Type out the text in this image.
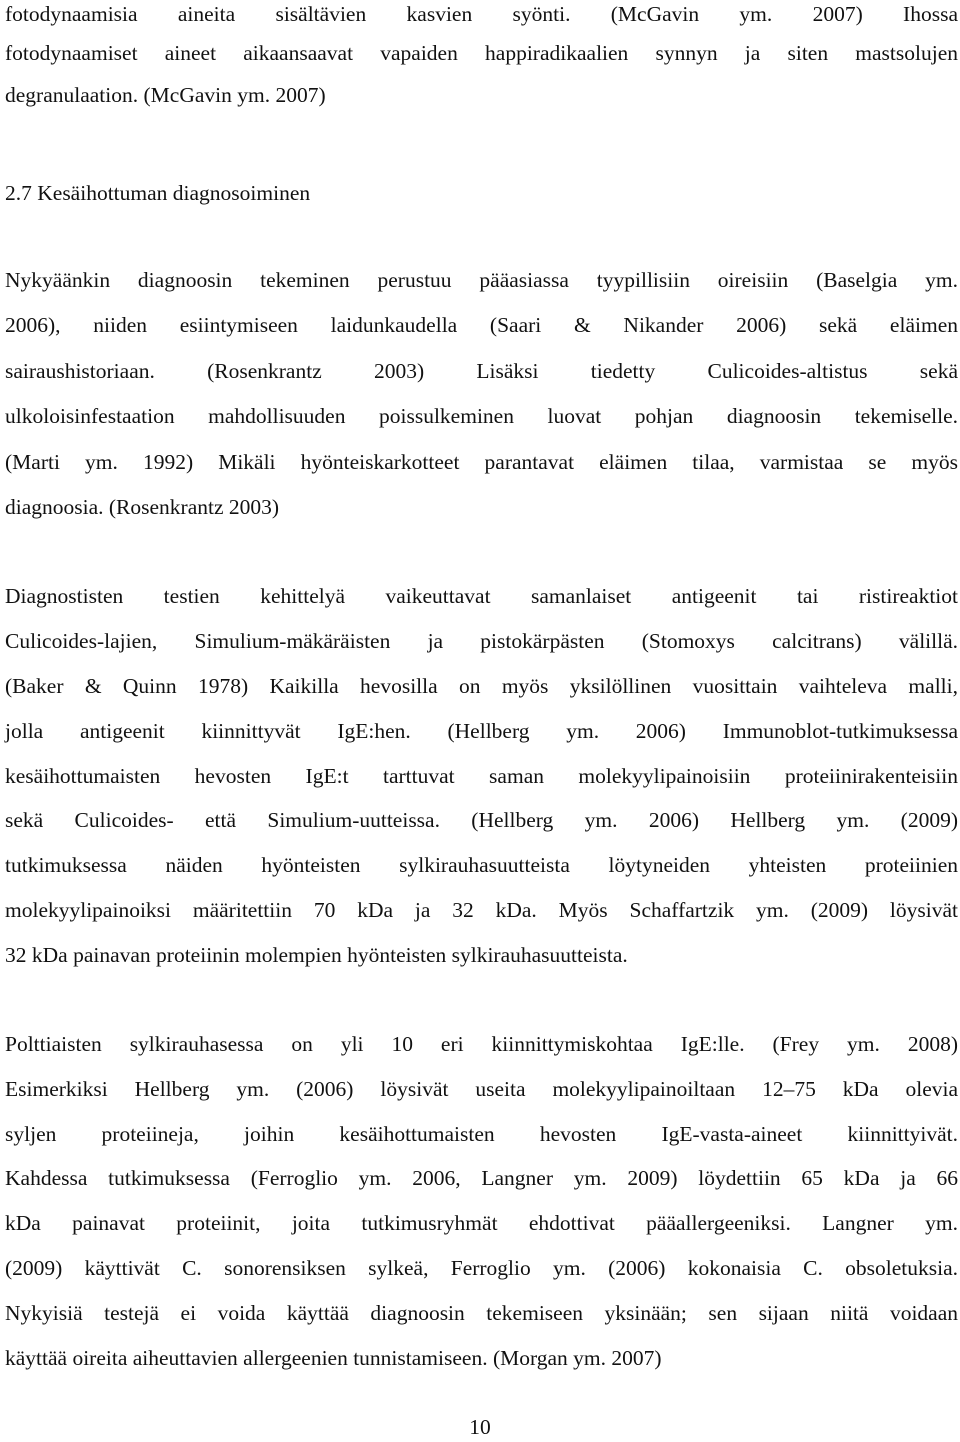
fotodynaamisia aineita sisältävien kasvien syönti. (McGavin ym. 2007) Ihossa
fotodynaamiset aineet aikaansaavat vapaiden happiradikaalien synnyn ja siten mastsolujen
degranulaation. (McGavin ym. 2007)
2.7 Kesäihottuman diagnosoiminen
Nykyäänkin diagnoosin tekeminen perustuu pääasiassa tyypillisiin oireisiin (Baselgia ym.
2006), niiden esiintymiseen laidunkaudella (Saari & Nikander 2006) sekä eläimen
sairaushistoriaan. (Rosenkrantz 2003) Lisäksi tiedetty Culicoides-altistus sekä
ulkoloisinfestaation mahdollisuuden poissulkeminen luovat pohjan diagnoosin tekemiselle.
(Marti ym. 1992) Mikäli hyönteiskarkotteet parantavat eläimen tilaa, varmistaa se myös
diagnoosia. (Rosenkrantz 2003)
Diagnostisten testien kehittelyä vaikeuttavat samanlaiset antigeenit tai ristireaktiot
Culicoides-lajien, Simulium-mäkäräisten ja pistokärpästen (Stomoxys calcitrans) välillä.
(Baker & Quinn 1978) Kaikilla hevosilla on myös yksilöllinen vuosittain vaihteleva malli,
jolla antigeenit kiinnittyvät IgE:hen. (Hellberg ym. 2006) Immunoblot-tutkimuksessa
kesäihottumaisten hevosten IgE:t tarttuvat saman molekyylipainoisiin proteiinirakenteisiin
sekä Culicoides- että Simulium-uutteissa. (Hellberg ym. 2006) Hellberg ym. (2009)
tutkimuksessa näiden hyönteisten sylkirauhasuutteista löytyneiden yhteisten proteiinien
molekyylipainoiksi määritettiin 70 kDa ja 32 kDa. Myös Schaffartzik ym. (2009) löysivät
32 kDa painavan proteiinin molempien hyönteisten sylkirauhasuutteista.
Polttiaisten sylkirauhasessa on yli 10 eri kiinnittymiskohtaa IgE:lle. (Frey ym. 2008)
Esimerkiksi Hellberg ym. (2006) löysivät useita molekyylipainoiltaan 12–75 kDa olevia
syljen proteiineja, joihin kesäihottumaisten hevosten IgE-vasta-aineet kiinnittyivät.
Kahdessa tutkimuksessa (Ferroglio ym. 2006, Langner ym. 2009) löydettiin 65 kDa ja 66
kDa painavat proteiinit, joita tutkimusryhmät ehdottivat pääallergeeniksi. Langner ym.
(2009) käyttivät C. sonorensiksen sylkeä, Ferroglio ym. (2006) kokonaisia C. obsoletuksia.
Nykyisiä testejä ei voida käyttää diagnoosin tekemiseen yksinään; sen sijaan niitä voidaan
käyttää oireita aiheuttavien allergeenien tunnistamiseen. (Morgan ym. 2007)
10
